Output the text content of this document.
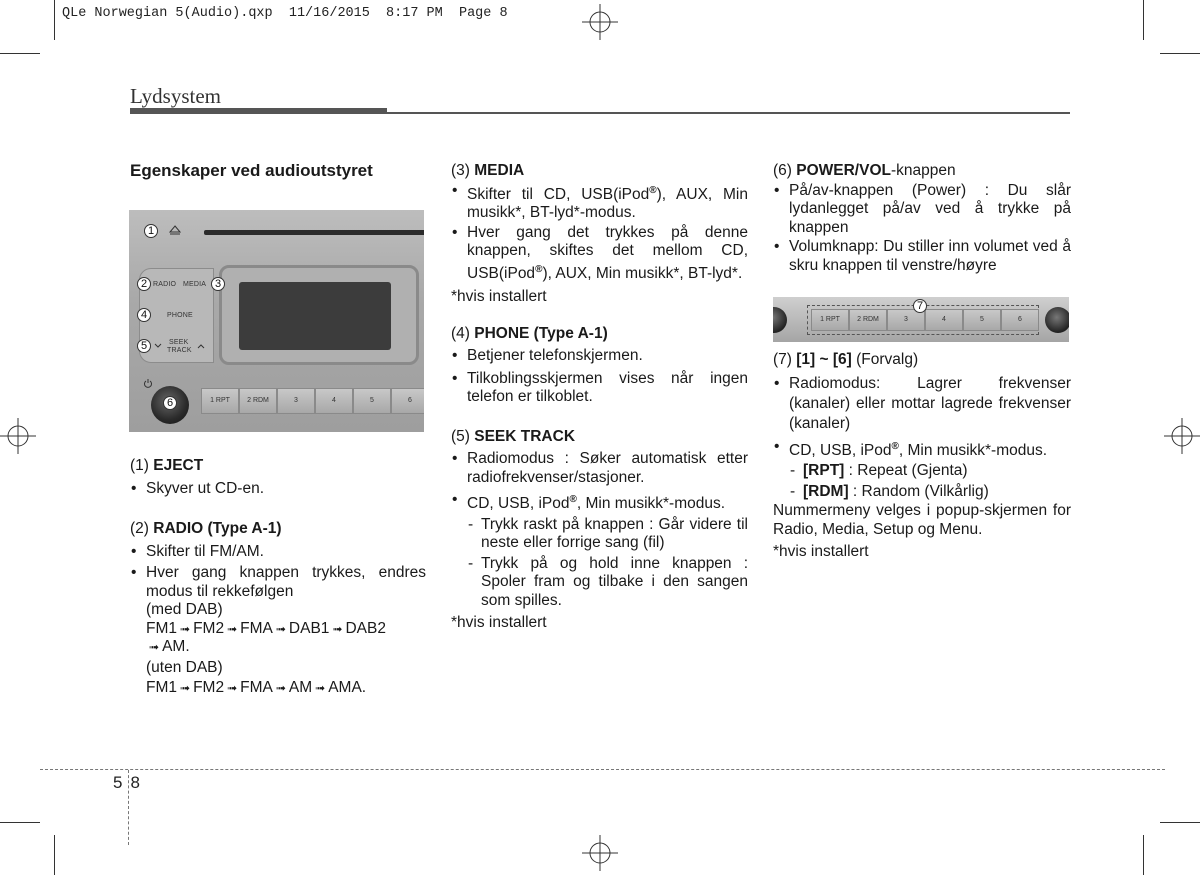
QLe Norwegian 5(Audio).qxp  11/16/2015  8:17 PM  Page 8
Lydsystem
Egenskaper ved audioutstyret
1
2 RADIO MEDIA 3
4	PHONE
5	SEEK
TRACK
6	1 RPT	2 RDM	3	4	5	6
(1) EJECT
• Skyver ut CD-en.
(2) RADIO (Type A-1)
• Skifter til FM/AM.
• Hver gang knappen trykkes, endres modus til rekkefølgen
(med DAB)
FM1 ➟ FM2 ➟ FMA ➟ DAB1 ➟ DAB2
➟ AM.
(uten DAB)
FM1 ➟ FM2 ➟ FMA ➟ AM ➟ AMA.
(3) MEDIA
• Skifter til CD, USB(iPod®), AUX, Min musikk*, BT-lyd*-modus.
• Hver gang det trykkes på denne knappen, skiftes det mellom CD, USB(iPod®), AUX, Min musikk*, BT-lyd*.
*hvis installert
(4) PHONE (Type A-1)
• Betjener telefonskjermen.
• Tilkoblingsskjermen vises når ingen telefon er tilkoblet.
(5) SEEK TRACK
• Radiomodus : Søker automatisk etter radiofrekvenser/stasjoner.
• CD, USB, iPod®, Min musikk*-modus.
- Trykk raskt på knappen : Går videre til neste eller forrige sang (fil)
- Trykk på og hold inne knappen : Spoler fram og tilbake i den sangen som spilles.
*hvis installert
(6) POWER/VOL-knappen
• På/av-knappen (Power) : Du slår lydanlegget på/av ved å trykke på knappen
• Volumknapp: Du stiller inn volumet ved å skru knappen til venstre/høyre
1 RPT	2 RDM	3	4	5	6
7
(7) [1] ~ [6] (Forvalg)
• Radiomodus: Lagrer frekvenser (kanaler) eller mottar lagrede frekvenser (kanaler)
• CD, USB, iPod®, Min musikk*-modus.
- [RPT] : Repeat (Gjenta)
- [RDM] : Random (Vilkårlig)
Nummermeny velges i popup-skjermen for Radio, Media, Setup og Menu.
*hvis installert
5 8
